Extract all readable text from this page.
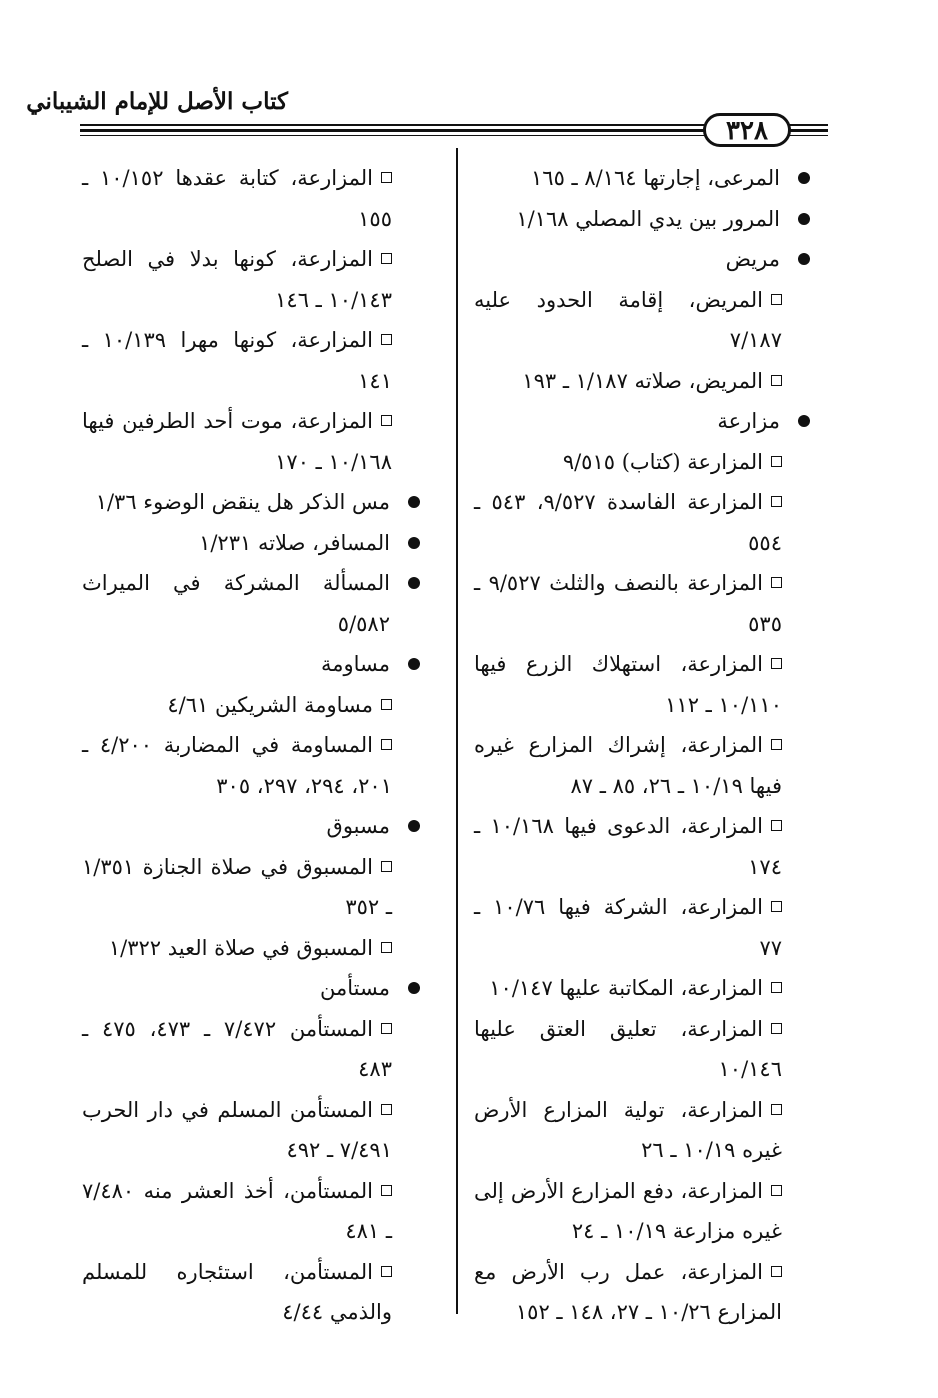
كتاب الأصل للإمام الشيباني
٣٢٨
المرعى، إجارتها ٨/١٦٤ ـ ١٦٥
المرور بين يدي المصلي ١/١٦٨
مريض
المريض، إقامة الحدود عليه ٧/١٨٧
المريض، صلاته ١/١٨٧ ـ ١٩٣
مزارعة
المزارعة (كتاب) ٩/٥١٥
المزارعة الفاسدة ٩/٥٢٧، ٥٤٣ ـ ٥٥٤
المزارعة بالنصف والثلث ٩/٥٢٧ ـ ٥٣٥
المزارعة، استهلاك الزرع فيها ١٠/١١٠ ـ ١١٢
المزارعة، إشراك المزارع غيره فيها ١٠/١٩ ـ ٢٦، ٨٥ ـ ٨٧
المزارعة، الدعوى فيها ١٠/١٦٨ ـ ١٧٤
المزارعة، الشركة فيها ١٠/٧٦ ـ ٧٧
المزارعة، المكاتبة عليها ١٠/١٤٧
المزارعة، تعليق العتق عليها ١٠/١٤٦
المزارعة، تولية المزارع الأرض غيره ١٠/١٩ ـ ٢٦
المزارعة، دفع المزارع الأرض إلى غيره مزارعة ١٠/١٩ ـ ٢٤
المزارعة، عمل رب الأرض مع المزارع ١٠/٢٦ ـ ٢٧، ١٤٨ ـ ١٥٢
المزارعة، كتابة عقدها ١٠/١٥٢ ـ ١٥٥
المزارعة، كونها بدلا في الصلح ١٠/١٤٣ ـ ١٤٦
المزارعة، كونها مهرا ١٠/١٣٩ ـ ١٤١
المزارعة، موت أحد الطرفين فيها ١٠/١٦٨ ـ ١٧٠
مس الذكر هل ينقض الوضوء ١/٣٦
المسافر، صلاته ١/٢٣١
المسألة المشركة في الميراث ٥/٥٨٢
مساومة
مساومة الشريكين ٤/٦١
المساومة في المضاربة ٤/٢٠٠ ـ ٢٠١، ٢٩٤، ٢٩٧، ٣٠٥
مسبوق
المسبوق في صلاة الجنازة ١/٣٥١ ـ ٣٥٢
المسبوق في صلاة العيد ١/٣٢٢
مستأمن
المستأمن ٧/٤٧٢ ـ ٤٧٣، ٤٧٥ ـ ٤٨٣
المستأمن المسلم في دار الحرب ٧/٤٩١ ـ ٤٩٢
المستأمن، أخذ العشر منه ٧/٤٨٠ ـ ٤٨١
المستأمن، استئجاره للمسلم والذمي ٤/٤٤
